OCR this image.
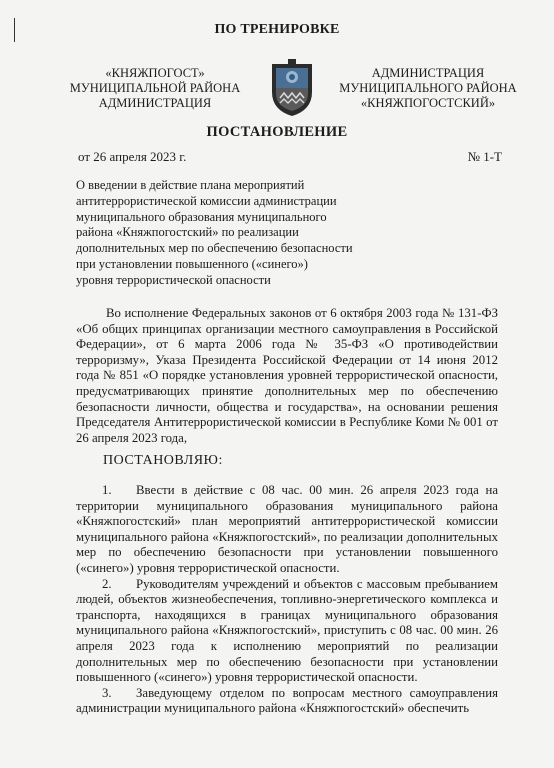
ПО ТРЕНИРОВКЕ
«КНЯЖПОГОСТ»
МУНИЦИПАЛЬНОЙ РАЙОНА
АДМИНИСТРАЦИЯ
АДМИНИСТРАЦИЯ
МУНИЦИПАЛЬНОГО РАЙОНА
«КНЯЖПОГОСТСКИЙ»
ПОСТАНОВЛЕНИЕ
от 26 апреля 2023 г.	№ 1-Т
О введении в действие плана мероприятий
антитеррористической комиссии администрации
муниципального образования муниципального
района «Княжпогостский» по реализации
дополнительных мер по обеспечению безопасности
при установлении повышенного («синего»)
уровня террористической опасности
Во исполнение Федеральных законов от 6 октября 2003 года № 131-ФЗ «Об общих принципах организации местного самоуправления в Российской Федерации», от 6 марта 2006 года № 35-ФЗ «О противодействии терроризму», Указа Президента Российской Федерации от 14 июня 2012 года № 851 «О порядке установления уровней террористической опасности, предусматривающих принятие дополнительных мер по обеспечению безопасности личности, общества и государства», на основании решения Председателя Антитеррористической комиссии в Республике Коми № 001 от 26 апреля 2023 года,
ПОСТАНОВЛЯЮ:
1. Ввести в действие с 08 час. 00 мин. 26 апреля 2023 года на территории муниципального образования муниципального района «Княжпогостский» план мероприятий антитеррористической комиссии муниципального района «Княжпогостский», по реализации дополнительных мер по обеспечению безопасности при установлении повышенного («синего») уровня террористической опасности.
2. Руководителям учреждений и объектов с массовым пребыванием людей, объектов жизнеобеспечения, топливно-энергетического комплекса и транспорта, находящихся в границах муниципального образования муниципального района «Княжпогостский», приступить с 08 час. 00 мин. 26 апреля 2023 года к исполнению мероприятий по реализации дополнительных мер по обеспечению безопасности при установлении повышенного («синего») уровня террористической опасности.
3. Заведующему отделом по вопросам местного самоуправления администрации муниципального района «Княжпогостский» обеспечить
